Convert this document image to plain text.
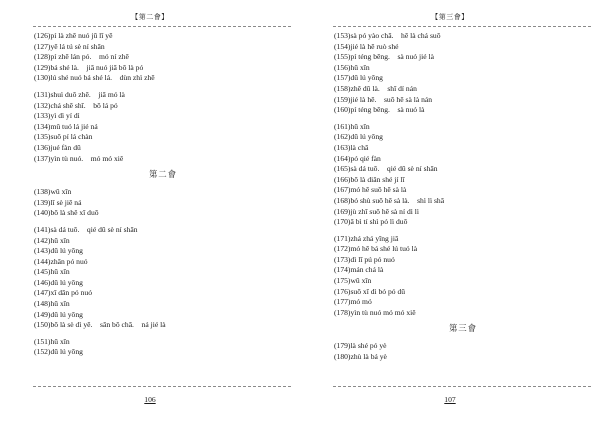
【第二會】
(126)pí là zhē nuó jū lǐ yē
(127)yē lá tú sè ní shān
(128)pí zhē lán pó.　mó ní zhē
(129)bá shé là.　jiā nuó jiā bō là pó
(130)lú shé nuó bá shé lá.　dùn zhì zhē
(131)shuì duō zhē.　jiā mó là
(132)chá shē shī.　bō lá pó
(133)yì dì yí dì
(134)mǔ tuó lá jié ná
(135)suō pí lá chàn
(136)jué fàn dū
(137)yìn tù nuó.　mó mó xiě
第二會
(138)wū xīn
(139)lǐ sè jiē ná
(140)bō là shě xī duō
(141)sà dá tuō.　qié dū sè ní shān
(142)hū xīn
(143)dū lú yōng
(144)zhān pó nuó
(145)hū xīn
(146)dū lú yōng
(147)xī dān pó nuó
(148)hū xīn
(149)dū lú yōng
(150)bō là sè dì yē.　sān bō chā.　ná jié là
(151)hū xīn
(152)dū lú yōng
106
【第三會】
(153)sà pó yào chā.　hē là chá suō
(154)jié là hē ruò shé
(155)pí téng bēng.　sà nuó jié là
(156)hū xīn
(157)dū lú yōng
(158)zhě dū là.　shī dí nán
(159)jié là hē.　suō hē sà là nán
(160)pí téng bēng.　sà nuó là
(161)hū xīn
(162)dū lú yōng
(163)là chā
(164)pó qié fàn
(165)sà dá tuō.　qié dū sè ní shān
(166)bō là diǎn shé jí lī
(167)mó hē suō hē sà là
(168)bó shù suō hē sà là.　shì lì shā
(169)jù zhī suō hē sà ní dì lì
(170)ā bì tí shì pó lì duō
(171)zhá zhá yīng jiā
(172)mó hē bá shé lú tuó là
(173)dì lī pú pó nuó
(174)mán chá là
(175)wū xīn
(176)suō xī dì bó pó dū
(177)mó mó
(178)yìn tù nuó mó mó xiě
第三會
(179)là shé pó yè
(180)zhù là bá yè
107
